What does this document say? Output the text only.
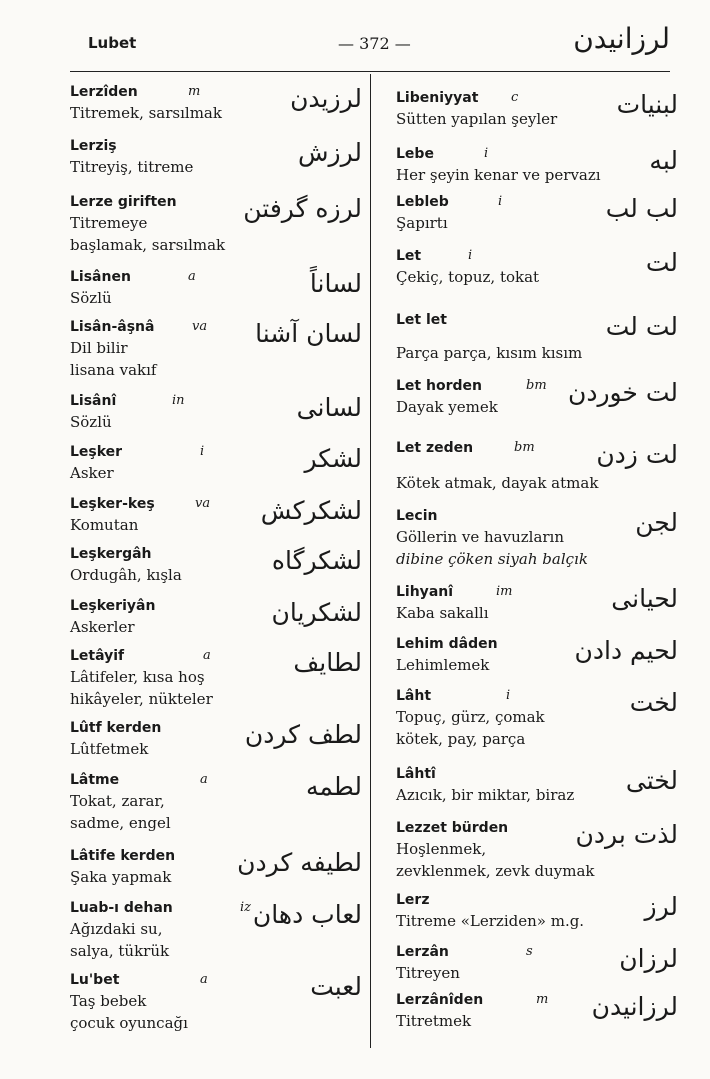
Lubet	— 372 —	لرزانيدن
Lerzîden	m
Titremek, sarsılmak	لرزيدن
Lerziş
Titreyiş, titreme	لرزش
Lerze giriften
Titremeye
başlamak, sarsılmak
لرزه گرفتن
Lisânen	a
Sözlü	لساناً
Lisân-âşnâ	va
Dil bilir
lisana vakıf
لسان آشنا
Lisânî	in
Sözlü	لسانى
Leşker	i
Asker	لشكر
Leşker-keş	va
Komutan	لشكركش
Leşkergâh
Ordugâh, kışla	لشكرگاه
Leşkeriyân
Askerler	لشكريان
Letâyif	a
Lâtifeler, kısa hoş
hikâyeler, nükteler
لطايف
Lûtf kerden
Lûtfetmek	لطف كردن
Lâtme	a
Tokat, zarar,
sadme, engel
لطمه
Lâtife kerden
Şaka yapmak	لطيفه كردن
Luab-ı dehan	iz
Ağızdaki su,
salya, tükrük
لعاب دهان
Lu'bet	a
Taş bebek
çocuk oyuncağı
لعبت
Libeniyyat	c
Sütten yapılan şeyler	لبنيات
Lebe	i
Her şeyin kenar ve pervazı	لبه
Lebleb	i
Şapırtı	لب لب
Let	i
Çekiç, topuz, tokat	لت
Let let
Parça parça, kısım kısım
لت لت
Let horden	bm
Dayak yemek	لت خوردن
Let zeden	bm
Kötek atmak, dayak atmak
لت زدن
Lecin
Göllerin ve havuzların
dibine çöken siyah balçık
لجن
Lihyanî	im
Kaba sakallı	لحيانى
Lehim dâden
Lehimlemek	لحيم دادن
Lâht	i
Topuç, gürz, çomak
kötek, pay, parça
لخت
Lâhtî
Azıcık, bir miktar, biraz	لختى
Lezzet bürden
Hoşlenmek,
zevklenmek, zevk duymak
لذت بردن
Lerz
Titreme «Lerziden» m.g.	لرز
Lerzân	s
Titreyen	لرزان
Lerzânîden	m
Titretmek	لرزانيدن
